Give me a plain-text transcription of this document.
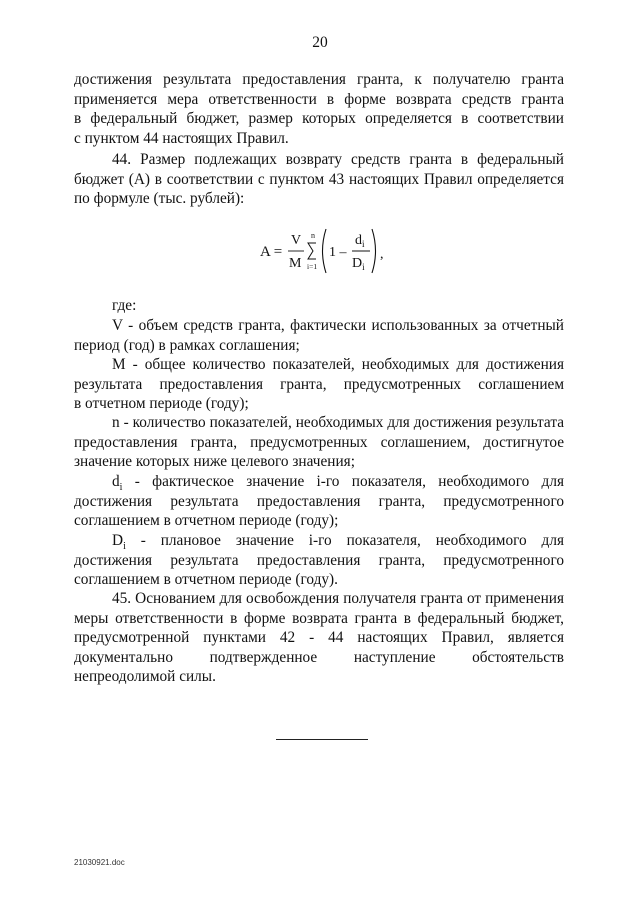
20
достижения результата предоставления гранта, к получателю гранта
применяется мера ответственности в форме возврата средств гранта
в федеральный бюджет, размер которых определяется в соответствии
с пунктом 44 настоящих Правил.
44. Размер подлежащих возврату средств гранта в федеральный
бюджет (А) в соответствии с пунктом 43 настоящих Правил определяется
по формуле (тыс. рублей):
A =
V
M
n
i=1
1 –
$d_i$
$D_i$
,
где:
V - объем средств гранта, фактически использованных за отчетный
период (год) в рамках соглашения;
M - общее количество показателей, необходимых для достижения
результата предоставления гранта, предусмотренных соглашением
в отчетном периоде (году);
n - количество показателей, необходимых для достижения результата
предоставления гранта, предусмотренных соглашением, достигнутое
значение которых ниже целевого значения;
$d_i$ - фактическое значение i-го показателя, необходимого для
достижения результата предоставления гранта, предусмотренного
соглашением в отчетном периоде (году);
$D_i$ - плановое значение i-го показателя, необходимого для
достижения результата предоставления гранта, предусмотренного
соглашением в отчетном периоде (году).
45. Основанием для освобождения получателя гранта от применения
меры ответственности в форме возврата гранта в федеральный бюджет,
предусмотренной пунктами 42 - 44 настоящих Правил, является
документально подтвержденное наступление обстоятельств
непреодолимой силы.
21030921.doc
